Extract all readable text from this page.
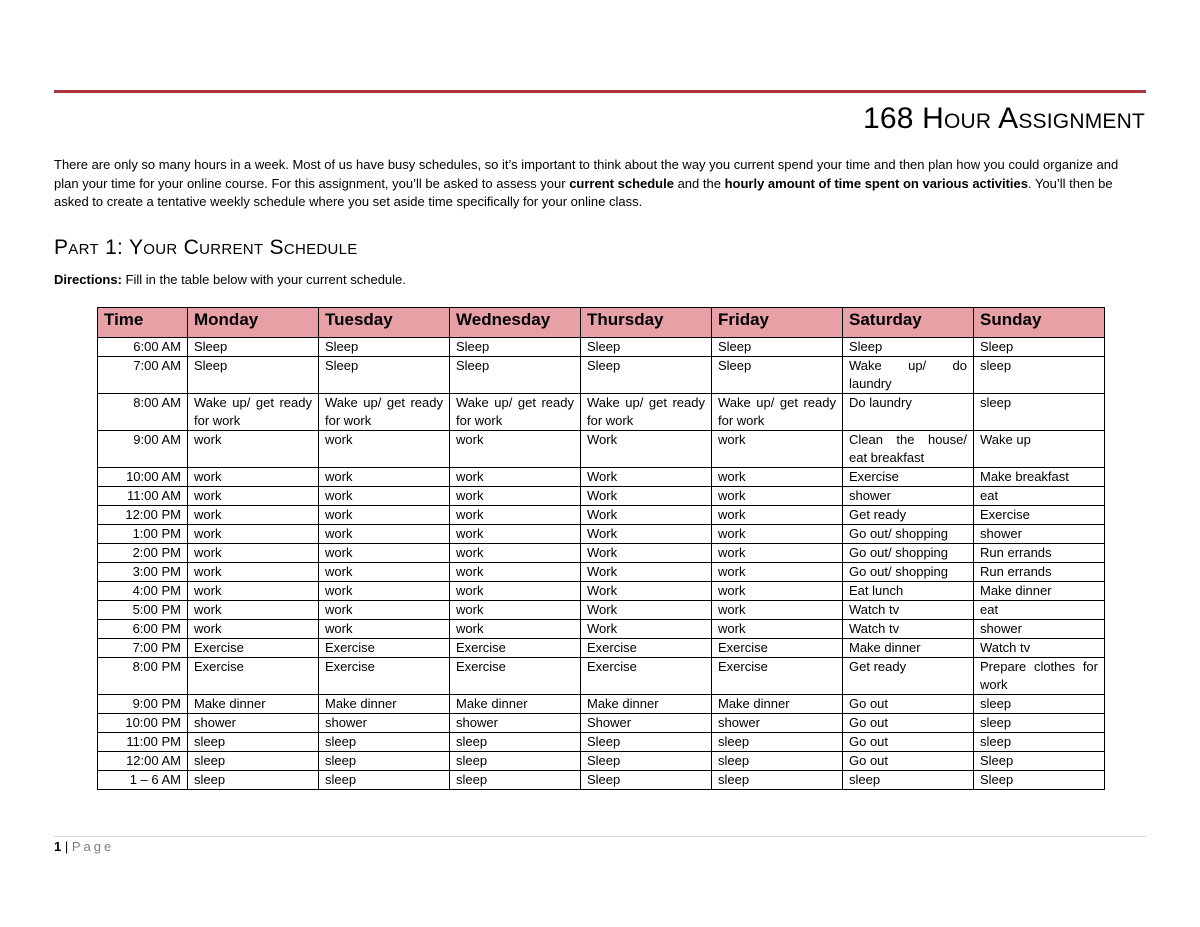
168 Hour Assignment

There are only so many hours in a week. Most of us have busy schedules, so it’s important to think about the way you current spend your time and then plan how you could organize and plan your time for your online course. For this assignment, you’ll be asked to assess your current schedule and the hourly amount of time spent on various activities. You’ll then be asked to create a tentative weekly schedule where you set aside time specifically for your online class.

Part 1: Your Current Schedule
Directions: Fill in the table below with your current schedule.
Time	Monday	Tuesday	Wednesday	Thursday	Friday	Saturday	Sunday
6:00 AM	Sleep	Sleep	Sleep	Sleep	Sleep	Sleep	Sleep
7:00 AM	Sleep	Sleep	Sleep	Sleep	Sleep	Wake up/ do laundry	sleep
8:00 AM	Wake up/ get ready for work	Wake up/ get ready for work	Wake up/ get ready for work	Wake up/ get ready for work	Wake up/ get ready for work	Do laundry	sleep
9:00 AM	work	work	work	Work	work	Clean the house/ eat breakfast	Wake up
10:00 AM	work	work	work	Work	work	Exercise	Make breakfast
11:00 AM	work	work	work	Work	work	shower	eat
12:00 PM	work	work	work	Work	work	Get ready	Exercise
1:00 PM	work	work	work	Work	work	Go out/ shopping	shower
2:00 PM	work	work	work	Work	work	Go out/ shopping	Run errands
3:00 PM	work	work	work	Work	work	Go out/ shopping	Run errands
4:00 PM	work	work	work	Work	work	Eat lunch	Make dinner
5:00 PM	work	work	work	Work	work	Watch tv	eat
6:00 PM	work	work	work	Work	work	Watch tv	shower
7:00 PM	Exercise	Exercise	Exercise	Exercise	Exercise	Make dinner	Watch tv
8:00 PM	Exercise	Exercise	Exercise	Exercise	Exercise	Get ready	Prepare clothes for work
9:00 PM	Make dinner	Make dinner	Make dinner	Make dinner	Make dinner	Go out	sleep
10:00 PM	shower	shower	shower	Shower	shower	Go out	sleep
11:00 PM	sleep	sleep	sleep	Sleep	sleep	Go out	sleep
12:00 AM	sleep	sleep	sleep	Sleep	sleep	Go out	Sleep
1 – 6 AM	sleep	sleep	sleep	Sleep	sleep	sleep	Sleep
1 | Page
